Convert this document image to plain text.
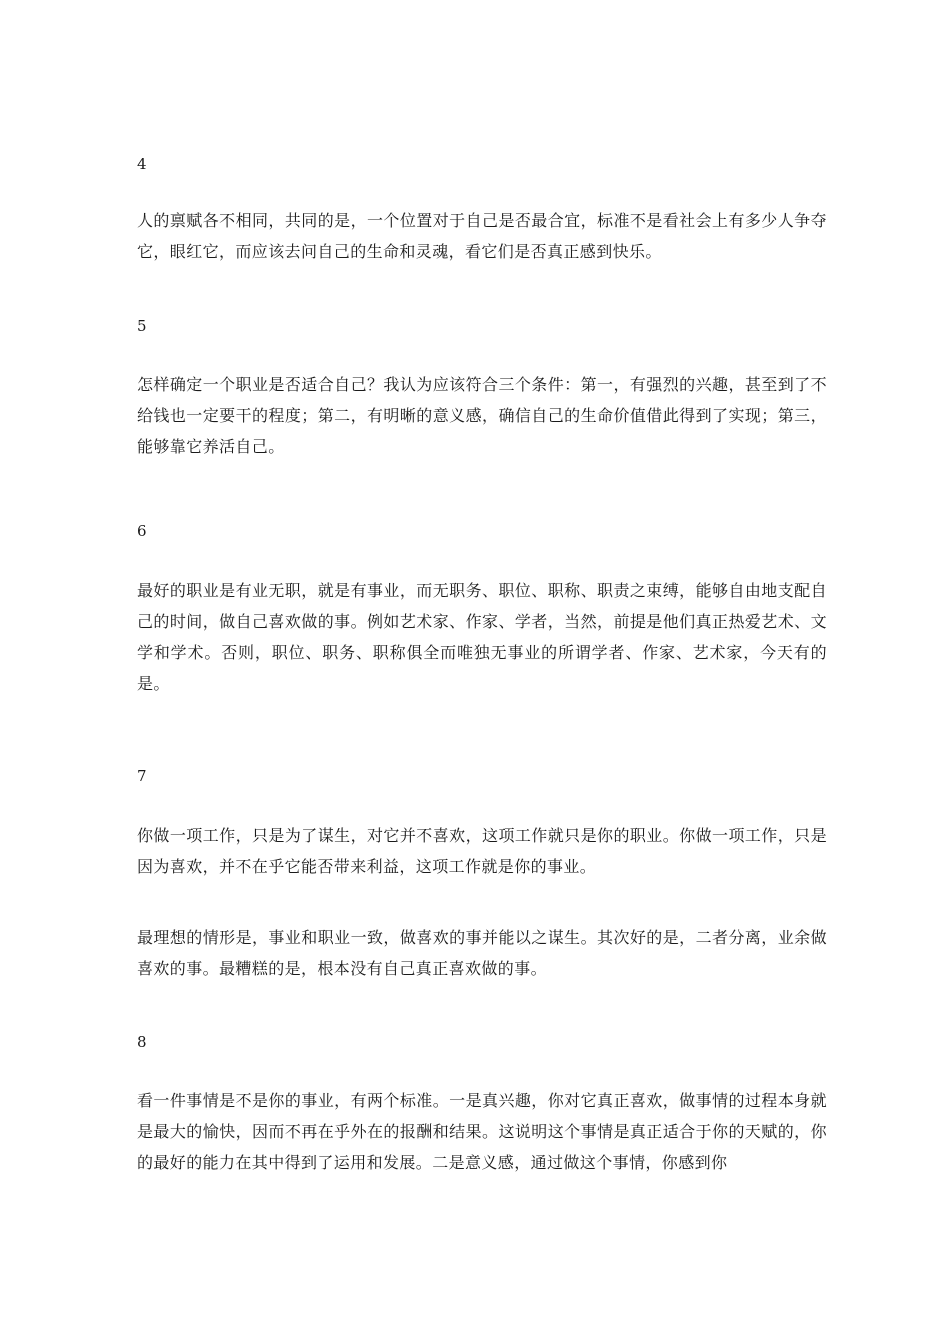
4

人的禀赋各不相同，共同的是，一个位置对于自己是否最合宜，标准不是看社会上有多少人争夺它，眼红它，而应该去问自己的生命和灵魂，看它们是否真正感到快乐。

5

怎样确定一个职业是否适合自己？我认为应该符合三个条件：第一，有强烈的兴趣，甚至到了不给钱也一定要干的程度；第二，有明晰的意义感，确信自己的生命价值借此得到了实现；第三，能够靠它养活自己。

6

最好的职业是有业无职，就是有事业，而无职务、职位、职称、职责之束缚，能够自由地支配自己的时间，做自己喜欢做的事。例如艺术家、作家、学者，当然，前提是他们真正热爱艺术、文学和学术。否则，职位、职务、职称俱全而唯独无事业的所谓学者、作家、艺术家，今天有的是。

7

你做一项工作，只是为了谋生，对它并不喜欢，这项工作就只是你的职业。你做一项工作，只是因为喜欢，并不在乎它能否带来利益，这项工作就是你的事业。

最理想的情形是，事业和职业一致，做喜欢的事并能以之谋生。其次好的是，二者分离，业余做喜欢的事。最糟糕的是，根本没有自己真正喜欢做的事。

8

看一件事情是不是你的事业，有两个标准。一是真兴趣，你对它真正喜欢，做事情的过程本身就是最大的愉快，因而不再在乎外在的报酬和结果。这说明这个事情是真正适合于你的天赋的，你的最好的能力在其中得到了运用和发展。二是意义感，通过做这个事情，你感到你
